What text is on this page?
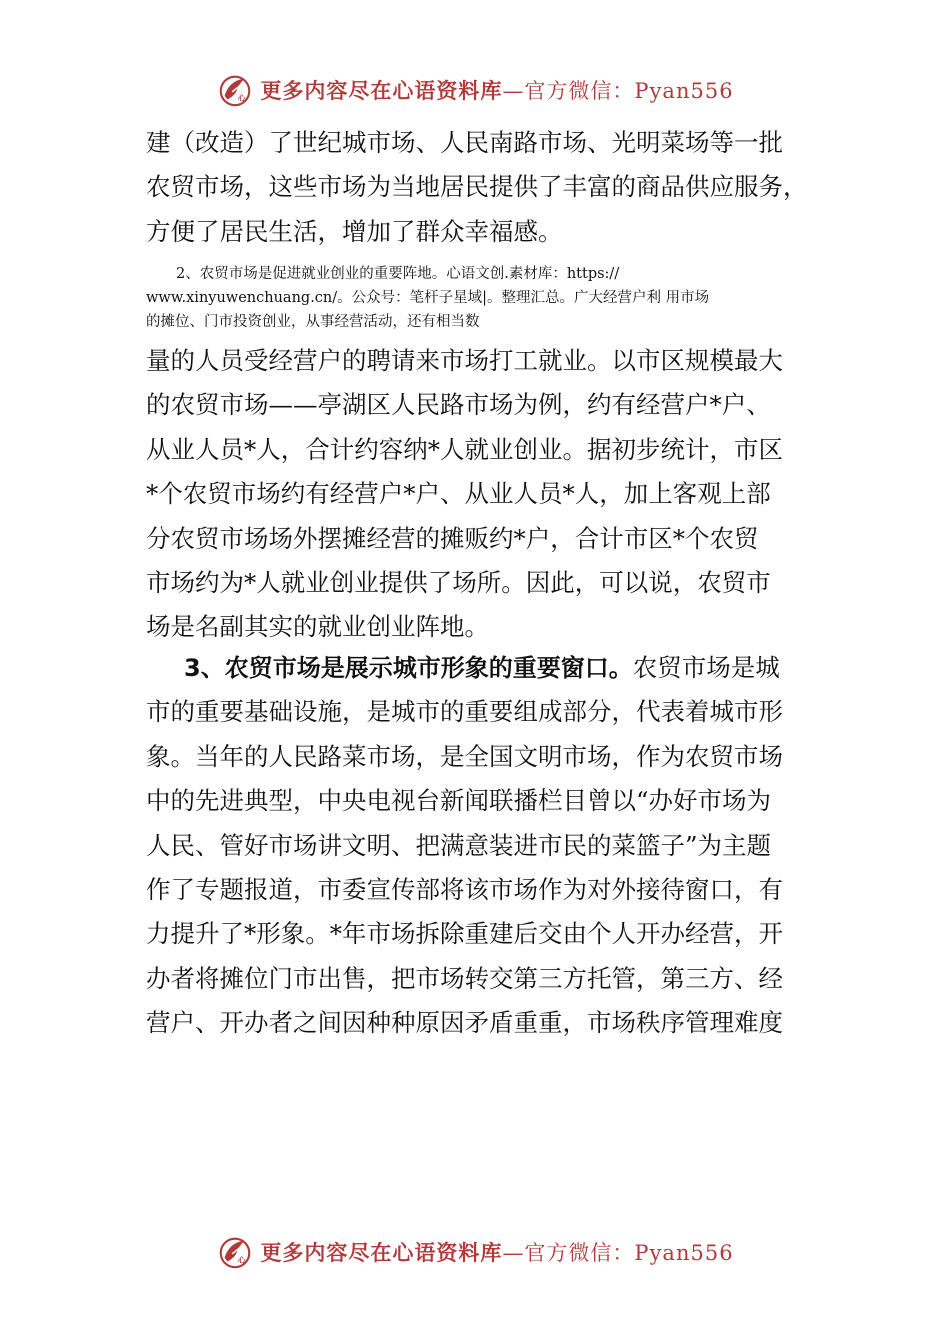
心 更多内容尽在心语资料库—官方微信：Pyan556
建（改造）了世纪城市场、人民南路市场、光明菜场等一批
农贸市场，这些市场为当地居民提供了丰富的商品供应服务，
方便了居民生活，增加了群众幸福感。
2、农贸市场是促进就业创业的重要阵地。心语文创.素材库：https://
www.xinyuwenchuang.cn/。公众号：笔杆子星域|。整理汇总。广大经营户利 用市场
的摊位、门市投资创业，从事经营活动，还有相当数
量的人员受经营户的聘请来市场打工就业。以市区规模最大
的农贸市场——亭湖区人民路市场为例，约有经营户*户、
从业人员*人，合计约容纳*人就业创业。据初步统计，市区
*个农贸市场约有经营户*户、从业人员*人，加上客观上部
分农贸市场场外摆摊经营的摊贩约*户，合计市区*个农贸
市场约为*人就业创业提供了场所。因此，可以说，农贸市
场是名副其实的就业创业阵地。
3、农贸市场是展示城市形象的重要窗口。农贸市场是城
市的重要基础设施，是城市的重要组成部分，代表着城市形
象。当年的人民路菜市场，是全国文明市场，作为农贸市场
中的先进典型，中央电视台新闻联播栏目曾以“办好市场为
人民、管好市场讲文明、把满意装进市民的菜篮子”为主题
作了专题报道，市委宣传部将该市场作为对外接待窗口，有
力提升了*形象。*年市场拆除重建后交由个人开办经营，开
办者将摊位门市出售，把市场转交第三方托管，第三方、经
营户、开办者之间因种种原因矛盾重重，市场秩序管理难度
心 更多内容尽在心语资料库—官方微信：Pyan556
